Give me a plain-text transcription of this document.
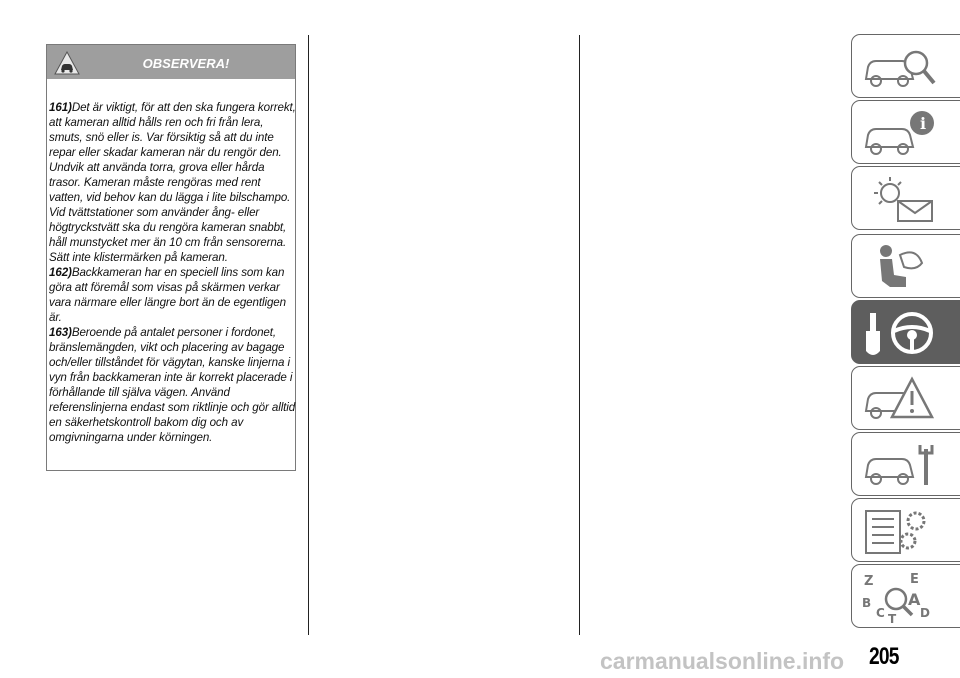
OBSERVERA!

161)Det är viktigt, för att den ska fungera korrekt, att kameran alltid hålls ren och fri från lera, smuts, snö eller is. Var försiktig så att du inte repar eller skadar kameran när du rengör den. Undvik att använda torra, grova eller hårda trasor. Kameran måste rengöras med rent vatten, vid behov kan du lägga i lite bilschampo. Vid tvättstationer som använder ång- eller högtryckstvätt ska du rengöra kameran snabbt, håll munstycket mer än 10 cm från sensorerna. Sätt inte klistermärken på kameran.

162)Backkameran har en speciell lins som kan göra att föremål som visas på skärmen verkar vara närmare eller längre bort än de egentligen är.

163)Beroende på antalet personer i fordonet, bränslemängden, vikt och placering av bagage och/eller tillståndet för vägytan, kanske linjerna i vyn från backkameran inte är korrekt placerade i förhållande till själva vägen. Använd referenslinjerna endast som riktlinje och gör alltid en säkerhetskontroll bakom dig och av omgivningarna under körningen.

i
Z	E
B A
C	D
T
carmanualsonline.info 205
